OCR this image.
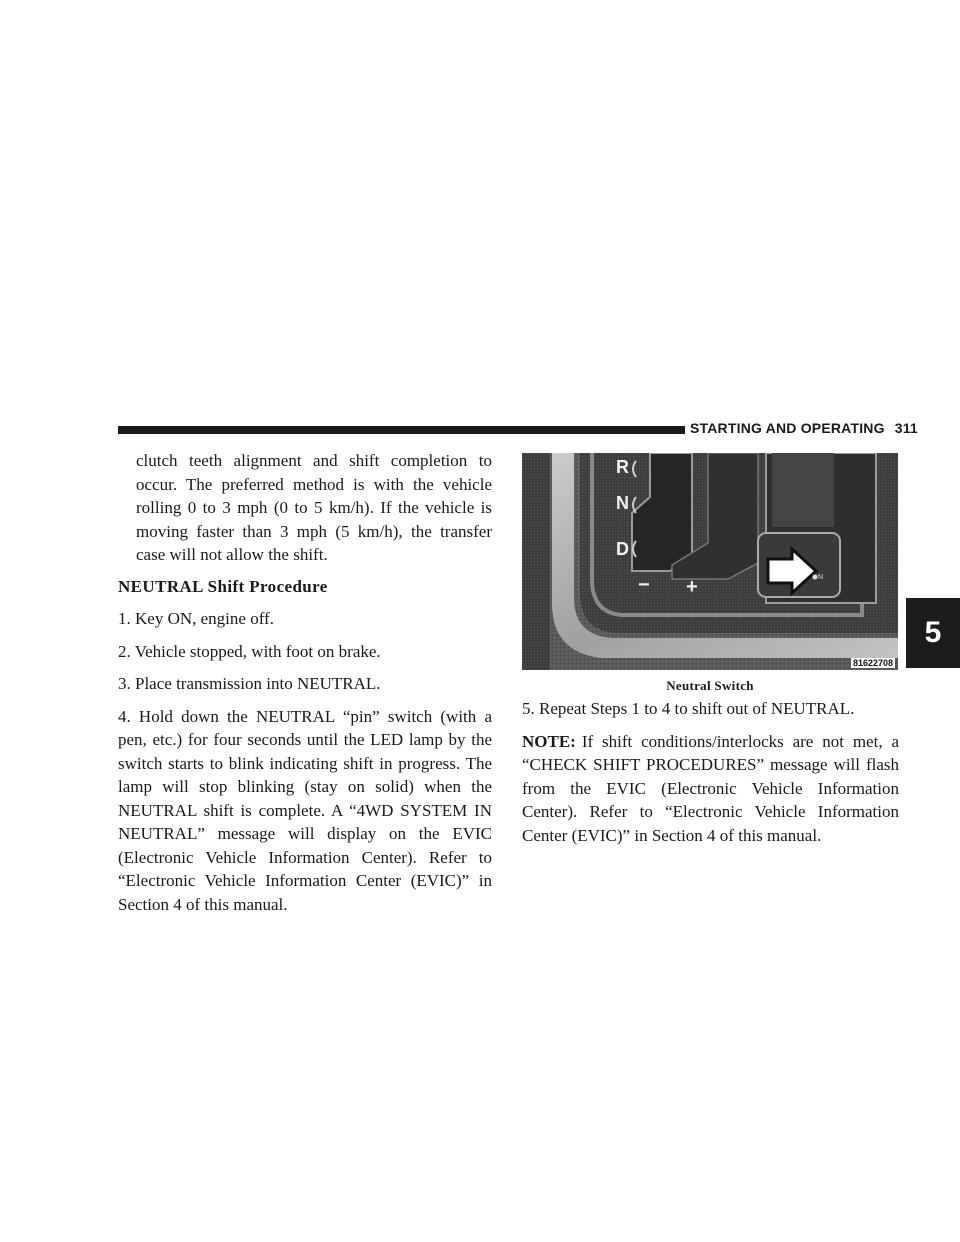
STARTING AND OPERATING 311
5

clutch teeth alignment and shift completion to occur. The preferred method is with the vehicle rolling 0 to 3 mph (0 to 5 km/h). If the vehicle is moving faster than 3 mph (5 km/h), the transfer case will not allow the shift.

NEUTRAL Shift Procedure

1. Key ON, engine off.

2. Vehicle stopped, with foot on brake.

3. Place transmission into NEUTRAL.

4. Hold down the NEUTRAL “pin” switch (with a pen, etc.) for four seconds until the LED lamp by the switch starts to blink indicating shift in progress. The lamp will stop blinking (stay on solid) when the NEUTRAL shift is complete. A “4WD SYSTEM IN NEUTRAL” message will display on the EVIC (Electronic Vehicle Information Center). Refer to “Electronic Vehicle Information Center (EVIC)” in Section 4 of this manual.

N
R
N
D
− +
81622708
Neutral Switch

5. Repeat Steps 1 to 4 to shift out of NEUTRAL.

NOTE: If shift conditions/interlocks are not met, a “CHECK SHIFT PROCEDURES” message will flash from the EVIC (Electronic Vehicle Information Center). Refer to “Electronic Vehicle Information Center (EVIC)” in Section 4 of this manual.
